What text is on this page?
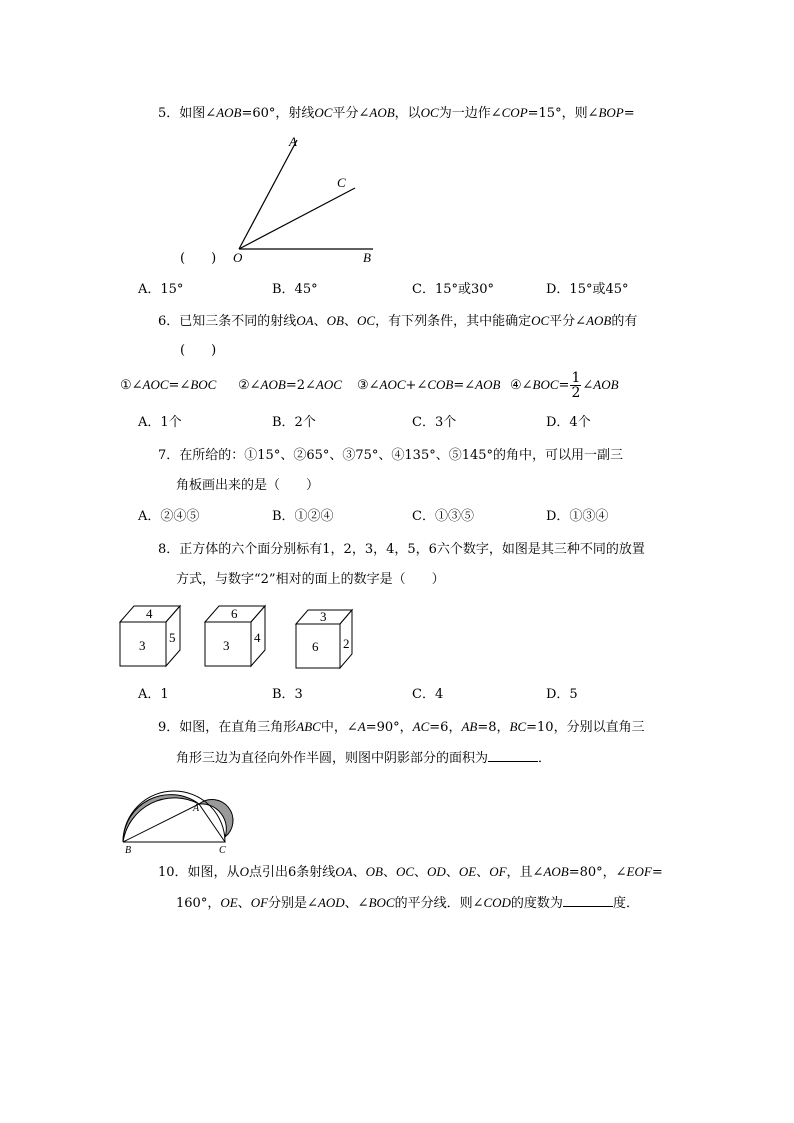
5．如图∠AOB=60°，射线OC平分∠AOB，以OC为一边作∠COP=15°，则∠BOP=
A
C
O	B
(　　)
A．15°	B．45°	C．15°或30°	D．15°或45°
6．已知三条不同的射线OA、OB、OC，有下列条件，其中能确定OC平分∠AOB的有
(　　)
①∠AOC=∠BOC ②∠AOB=2∠AOC ③∠AOC+∠COB=∠AOB ④∠BOC= $\frac{1}{2}$ ∠AOB
A．1个	B．2个	C．3个	D．4个
7．在所给的：①15°、②65°、③75°、④135°、⑤145°的角中，可以用一副三
角板画出来的是（　　）
A．②④⑤	B．①②④	C．①③⑤	D．①③④
8．正方体的六个面分别标有1，2，3，4，5，6六个数字，如图是其三种不同的放置
方式，与数字“2”相对的面上的数字是（　　）
4
3
5
6
3
4
3
6 2
A．1	B．3	C．4	D．5
9．如图，在直角三角形ABC中，∠A=90°，AC=6，AB=8，BC=10，分别以直角三
角形三边为直径向外作半圆，则图中阴影部分的面积为	．
A
B	C
10．如图，从O点引出6条射线OA、OB、OC、OD、OE、OF，且∠AOB=80°，∠EOF=
160°，OE、OF分别是∠AOD、∠BOC的平分线．则∠COD的度数为	度．
